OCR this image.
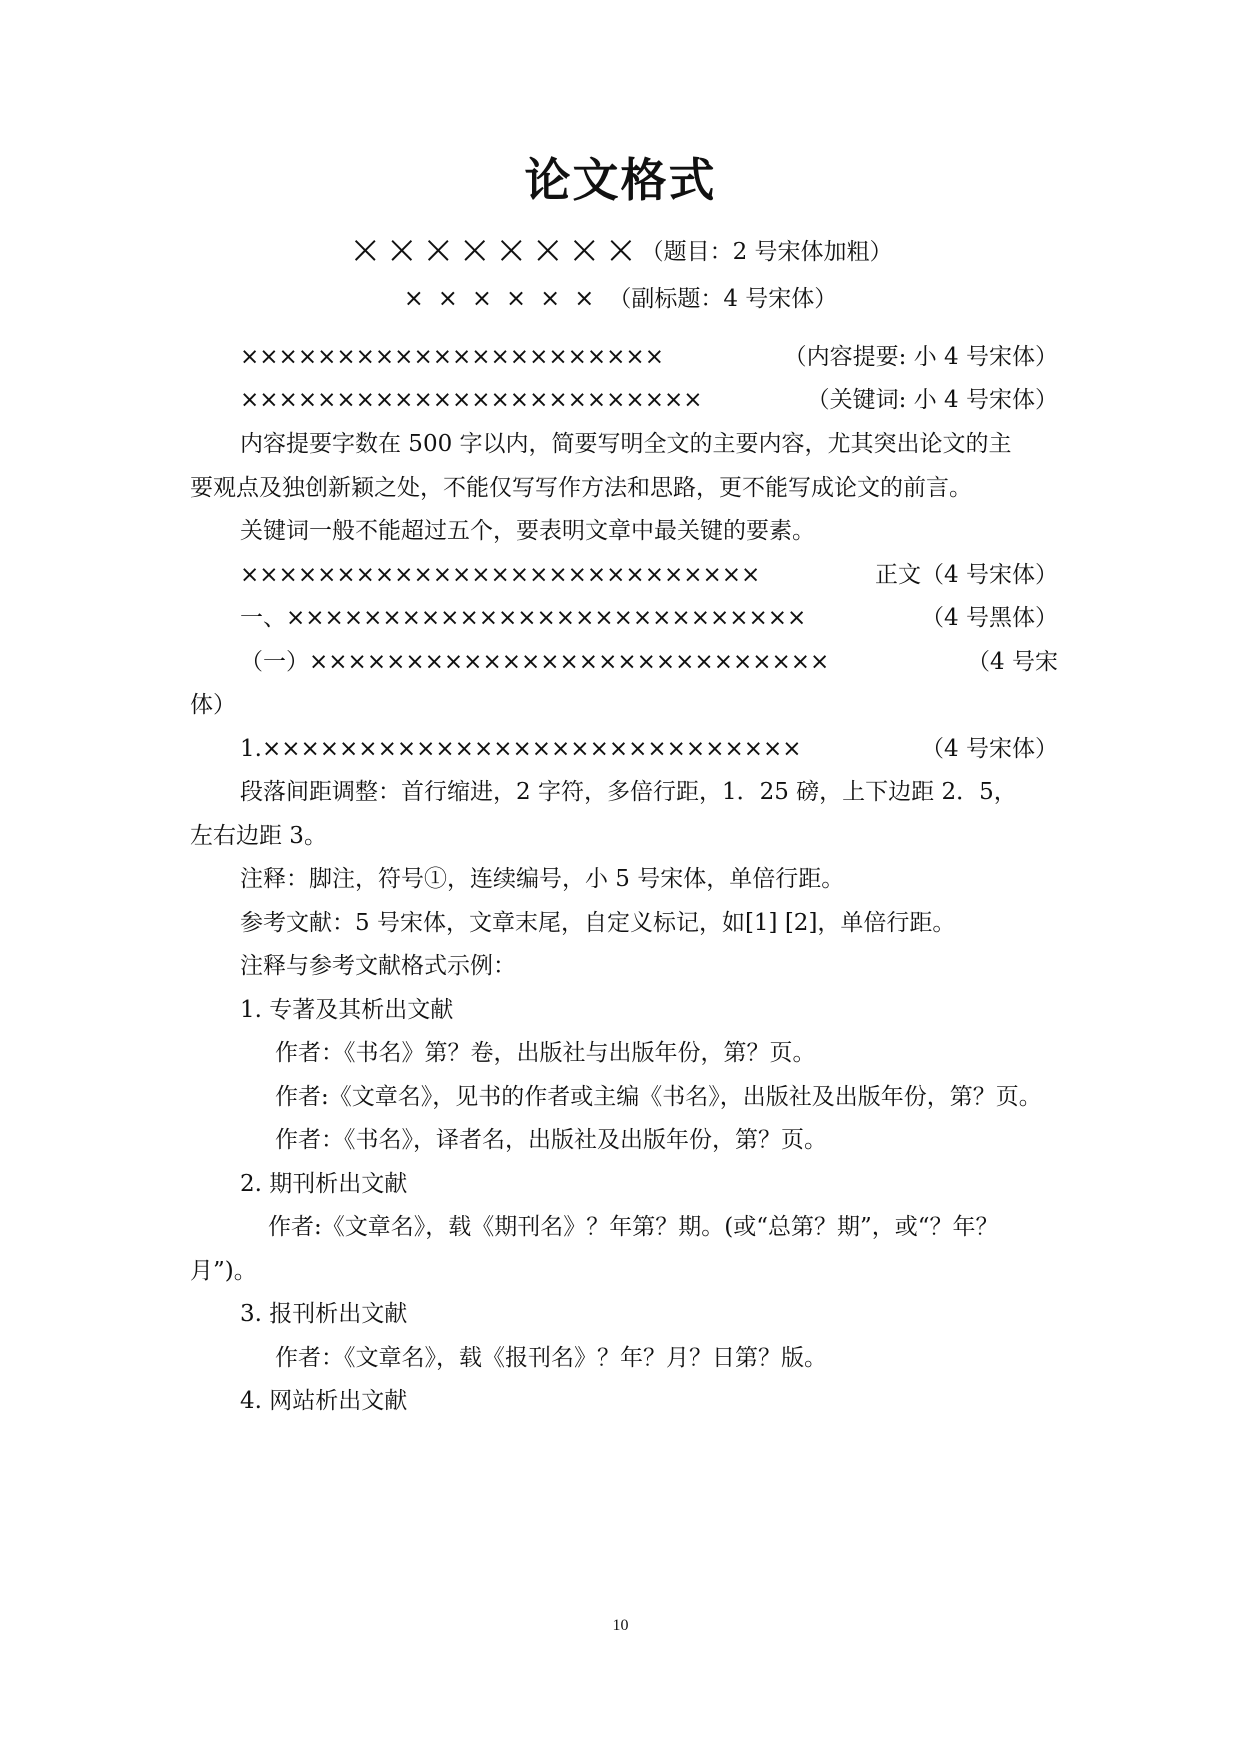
论文格式
××××××××（题目：2 号宋体加粗）
××××××（副标题：4 号宋体）
××××××××××××××××××××××	（内容提要: 小 4 号宋体）
××××××××××××××××××××××××	（关键词: 小 4 号宋体）
内容提要字数在 500 字以内，简要写明全文的主要内容，尤其突出论文的主
要观点及独创新颖之处，不能仅写写作方法和思路，更不能写成论文的前言。
关键词一般不能超过五个，要表明文章中最关键的要素。
×××××××××××××××××××××××××××	正文（4 号宋体）
一、×××××××××××××××××××××××××××	（4 号黑体）
（一）×××××××××××××××××××××××××××	（4 号宋
体）
1.××××××××××××××××××××××××××××	（4 号宋体）
段落间距调整：首行缩进，2 字符，多倍行距，1．25 磅，上下边距 2．5，
左右边距 3。
注释：脚注，符号①，连续编号，小 5 号宋体，单倍行距。
参考文献：5 号宋体，文章末尾，自定义标记，如[1] [2]，单倍行距。
注释与参考文献格式示例：
1. 专著及其析出文献
作者：《书名》第？卷，出版社与出版年份，第？页。
作者:《文章名》，见书的作者或主编《书名》，出版社及出版年份，第？页。
作者：《书名》，译者名，出版社及出版年份，第？页。
2. 期刊析出文献
作者:《文章名》，载《期刊名》？年第？期。(或“总第？期”，或“？年？
月”)。
3. 报刊析出文献
作者：《文章名》，载《报刊名》？年？月？日第？版。
4. 网站析出文献
10
